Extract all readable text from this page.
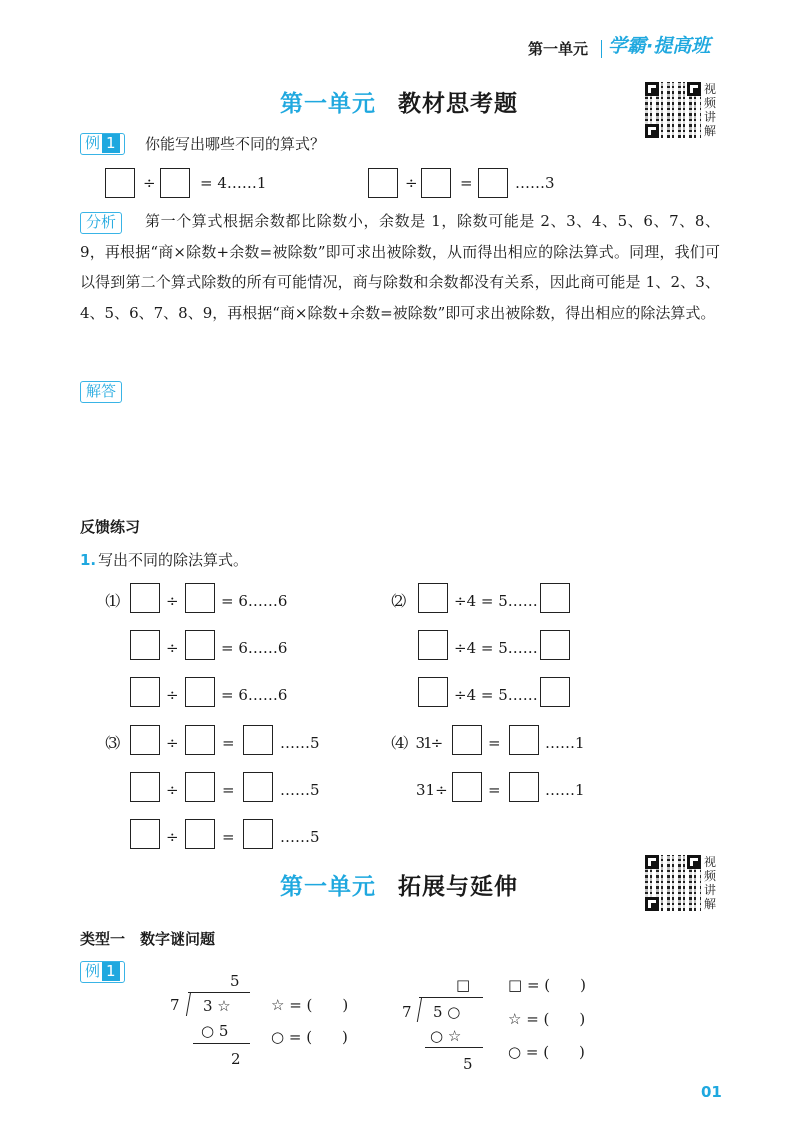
第一单元 学霸·提高班
第一单元 教材思考题
视
频
讲
解
例 1	你能写出哪些不同的算式？
÷	= 4……1	÷	=	……3
分析	第一个算式根据余数都比除数小，余数是 1，除数可能是 2、3、4、5、6、7、8、9，再根据“商×除数+余数=被除数”即可求出被除数，从而得出相应的除法算式。同理，我们可以得到第二个算式除数的所有可能情况，商与除数和余数都没有关系，因此商可能是 1、2、3、4、5、6、7、8、9，再根据“商×除数+余数=被除数”即可求出被除数，得出相应的除法算式。
解答
反馈练习
1. 写出不同的除法算式。
（1）	÷	= 6……6
÷	= 6……6
÷	= 6……6
（2）	÷4 = 5……
÷4 = 5……
÷4 = 5……
（3）	÷	=	……5
÷	=	……5
÷	=	……5
（4）31÷	=	……1
31÷	=	……1
第一单元 拓展与延伸
视
频
讲
解
类型一　数字谜问题
例 1
5
7 3 ☆
○ 5
2
☆ = (　　)
○ = (　　)
□
7 5 ○
○ ☆
5
□ = (　　)
☆ = (　　)
○ = (　　)
01
